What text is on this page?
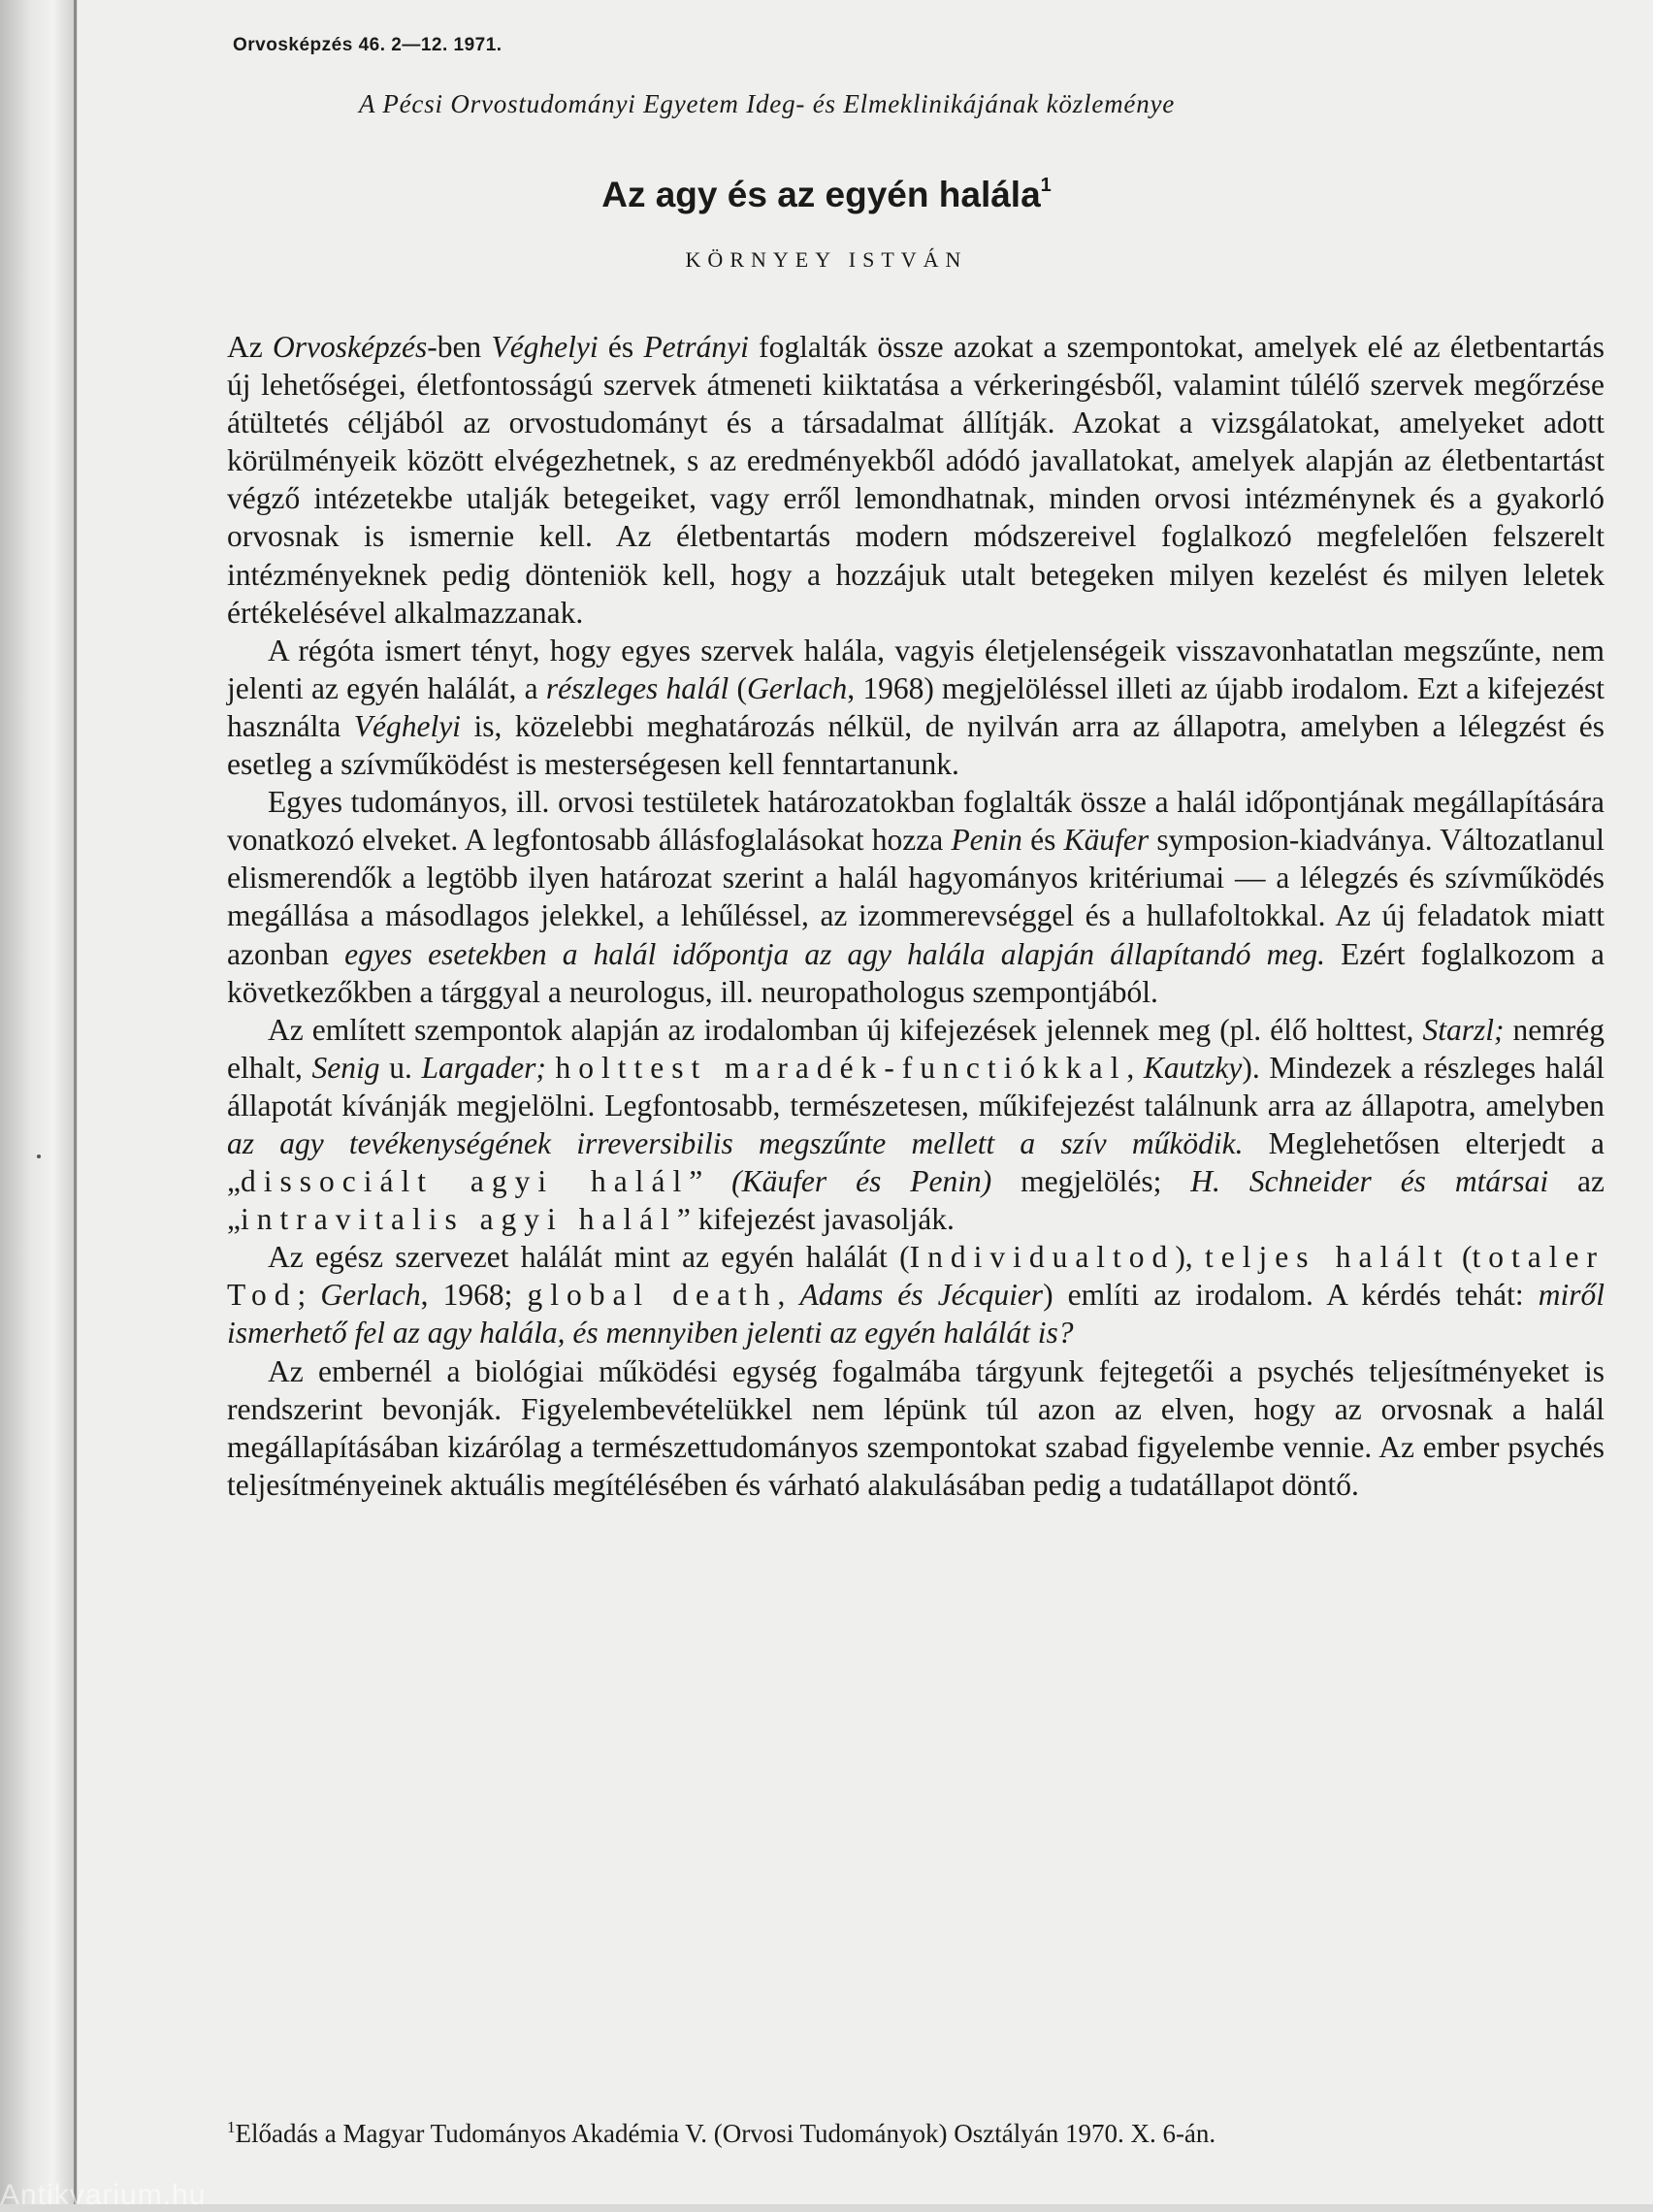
Orvosképzés 46. 2—12. 1971.
A Pécsi Orvostudományi Egyetem Ideg- és Elmeklinikájának közleménye
Az agy és az egyén halála$^1$
KÖRNYEY ISTVÁN

Az Orvosképzés-ben Véghelyi és Petrányi foglalták össze azokat a szempontokat, amelyek elé az életbentartás új lehetőségei, életfontosságú szervek átmeneti kiiktatása a vérkeringésből, valamint túlélő szervek megőrzése átültetés céljából az orvostudományt és a társadalmat állítják. Azokat a vizsgálatokat, amelyeket adott körülményeik között elvégezhetnek, s az eredményekből adódó javallatokat, amelyek alapján az életbentartást végző intézetekbe utalják betegeiket, vagy erről lemondhatnak, minden orvosi intézménynek és a gyakorló orvosnak is ismernie kell. Az életbentartás modern módszereivel foglalkozó megfelelően felszerelt intézményeknek pedig dönteniök kell, hogy a hozzájuk utalt betegeken milyen kezelést és milyen leletek értékelésével alkalmazzanak.

A régóta ismert tényt, hogy egyes szervek halála, vagyis életjelenségeik visszavonhatatlan megszűnte, nem jelenti az egyén halálát, a részleges halál (Gerlach, 1968) megjelöléssel illeti az újabb irodalom. Ezt a kifejezést használta Véghelyi is, közelebbi meghatározás nélkül, de nyilván arra az állapotra, amelyben a lélegzést és esetleg a szívműködést is mesterségesen kell fenntartanunk.

Egyes tudományos, ill. orvosi testületek határozatokban foglalták össze a halál időpontjának megállapítására vonatkozó elveket. A legfontosabb állásfoglalásokat hozza Penin és Käufer symposion-kiadványa. Változatlanul elismerendők a legtöbb ilyen határozat szerint a halál hagyományos kritériumai — a lélegzés és szívműködés megállása a másodlagos jelekkel, a lehűléssel, az izommerevséggel és a hullafoltokkal. Az új feladatok miatt azonban egyes esetekben a halál időpontja az agy halála alapján állapítandó meg. Ezért foglalkozom a következőkben a tárggyal a neurologus, ill. neuropathologus szempontjából.

Az említett szempontok alapján az irodalomban új kifejezések jelennek meg (pl. élő holttest, Starzl; nemrég elhalt, Senig u. Largader; holttest maradék-functiókkal, Kautzky). Mindezek a részleges halál állapotát kívánják megjelölni. Legfontosabb, természetesen, műkifejezést találnunk arra az állapotra, amelyben az agy tevékenységének irreversibilis megszűnte mellett a szív működik. Meglehetősen elterjedt a „dissociált agyi halál” (Käufer és Penin) megjelölés; H. Schneider és mtársai az „intravitalis agyi halál” kifejezést javasolják.

Az egész szervezet halálát mint az egyén halálát (Individualtod), teljes halált (totaler Tod; Gerlach, 1968; global death, Adams és Jécquier) említi az irodalom. A kérdés tehát: miről ismerhető fel az agy halála, és mennyiben jelenti az egyén halálát is?

Az embernél a biológiai működési egység fogalmába tárgyunk fejtegetői a psychés teljesítményeket is rendszerint bevonják. Figyelembevételükkel nem lépünk túl azon az elven, hogy az orvosnak a halál megállapításában kizárólag a természettudományos szempontokat szabad figyelembe vennie. Az ember psychés teljesítményeinek aktuális megítélésében és várható alakulásában pedig a tudatállapot döntő.

$^1$Előadás a Magyar Tudományos Akadémia V. (Orvosi Tudományok) Osztályán 1970. X. 6-án.
Antikvarium.hu
